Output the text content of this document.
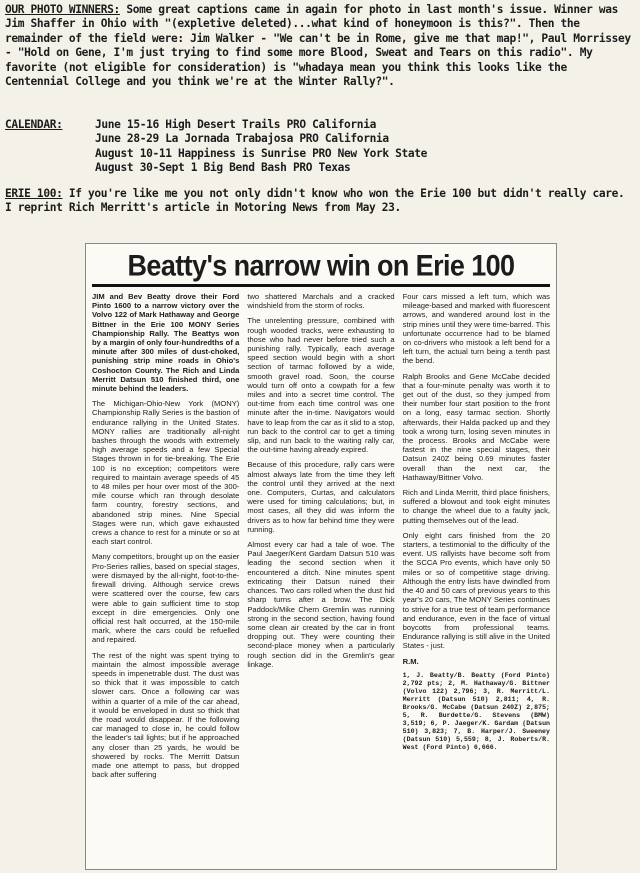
OUR PHOTO WINNERS: Some great captions came in again for photo in last month's issue. Winner was Jim Shaffer in Ohio with "(expletive deleted)...what kind of honeymoon is this?". Then the remainder of the field were: Jim Walker - "We can't be in Rome, give me that map!", Paul Morrissey - "Hold on Gene, I'm just trying to find some more Blood, Sweat and Tears on this radio". My favorite (not eligible for consideration) is "whadaya mean you think this looks like the Centennial College and you think we're at the Winter Rally?".

CALENDAR:	June 15-16 High Desert Trails PRO California
June 28-29 La Jornada Trabajosa PRO California
August 10-11 Happiness is Sunrise PRO New York State
August 30-Sept 1 Big Bend Bash PRO Texas

ERIE 100: If you're like me you not only didn't know who won the Erie 100 but didn't really care. I reprint Rich Merritt's article in Motoring News from May 23.

Beatty's narrow win on Erie 100

JIM and Bev Beatty drove their Ford Pinto 1600 to a narrow victory over the Volvo 122 of Mark Hathaway and George Bittner in the Erie 100 MONY Series Championship Rally. The Beattys won by a margin of only four-hundredths of a minute after 300 miles of dust-choked, punishing strip mine roads in Ohio's Coshocton County. The Rich and Linda Merritt Datsun 510 finished third, one minute behind the leaders.

The Michigan-Ohio-New York (MONY) Championship Rally Series is the bastion of endurance rallying in the United States. MONY rallies are traditionally all-night bashes through the woods with extremely high average speeds and a few Special Stages thrown in for tie-breaking. The Erie 100 is no exception; competitors were required to maintain average speeds of 45 to 48 miles per hour over most of the 300-mile course which ran through desolate farm country, forestry sections, and abandoned strip mines. Nine Special Stages were run, which gave exhausted crews a chance to rest for a minute or so at each start control.

Many competitors, brought up on the easier Pro-Series rallies, based on special stages, were dismayed by the all-night, foot-to-the-firewall driving. Although service crews were scattered over the course, few cars were able to gain sufficient time to stop except in dire emergencies. Only one official rest halt occurred, at the 150-mile mark, where the cars could be refuelled and repaired.

The rest of the night was spent trying to maintain the almost impossible average speeds in impenetrable dust. The dust was so thick that it was impossible to catch slower cars. Once a following car was within a quarter of a mile of the car ahead, it would be enveloped in dust so thick that the road would disappear. If the following car managed to close in, he could follow the leader's tail lights; but if he approached any closer than 25 yards, he would be showered by rocks. The Merritt Datsun made one attempt to pass, but dropped back after suffering

two shattered Marchals and a cracked windshield from the storm of rocks.

The unrelenting pressure, combined with rough wooded tracks, were exhausting to those who had never before tried such a punishing rally. Typically, each average speed section would begin with a short section of tarmac followed by a wide, smooth gravel road. Soon, the course would turn off onto a cowpath for a few miles and into a secret time control. The out-time from each time control was one minute after the in-time. Navigators would have to leap from the car as it slid to a stop, run back to the control car to get a timing slip, and run back to the waiting rally car, the out-time having already expired.

Because of this procedure, rally cars were almost always late from the time they left the control until they arrived at the next one. Computers, Curtas, and calculators were used for timing calculations; but, in most cases, all they did was inform the drivers as to how far behind time they were running.

Almost every car had a tale of woe. The Paul Jaeger/Kent Gardam Datsun 510 was leading the second section when it encountered a ditch. Nine minutes spent extricating their Datsun ruined their chances. Two cars rolled when the dust hid sharp turns after a brow. The Dick Paddock/Mike Chern Gremlin was running strong in the second section, having found some clean air created by the car in front dropping out. They were counting their second-place money when a particularly rough section did in the Gremlin's gear linkage.

Four cars missed a left turn, which was mileage-based and marked with fluorescent arrows, and wandered around lost in the strip mines until they were time-barred. This unfortunate occurrence had to be blamed on co-drivers who mistook a left bend for a left turn, the actual turn being a tenth past the bend.

Ralph Brooks and Gene McCabe decided that a four-minute penalty was worth it to get out of the dust, so they jumped from their number four start position to the front on a long, easy tarmac section. Shortly afterwards, their Halda packed up and they took a wrong turn, losing seven minutes in the process. Brooks and McCabe were fastest in the nine special stages, their Datsun 240Z being 0.69 minutes faster overall than the next car, the Hathaway/Bittner Volvo.

Rich and Linda Merritt, third place finishers, suffered a blowout and took eight minutes to change the wheel due to a faulty jack, putting themselves out of the lead.

Only eight cars finished from the 20 starters, a testimonial to the difficulty of the event. US rallyists have become soft from the SCCA Pro events, which have only 50 miles or so of competitive stage driving. Although the entry lists have dwindled from the 40 and 50 cars of previous years to this year's 20 cars, The MONY Series continues to strive for a true test of team performance and endurance, even in the face of virtual boycotts from professional teams. Endurance rallying is still alive in the United States - just.

R.M.

1, J. Beatty/B. Beatty (Ford Pinto) 2,792 pts; 2, M. Hathaway/G. Bittner (Volvo 122) 2,796; 3, R. Merritt/L. Merritt (Datsun 510) 2,811; 4, R. Brooks/G. McCabe (Datsun 240Z) 2,875; 5, R. Burdette/G. Stevens (BMW) 3,519; 6, P. Jaeger/K. Gardam (Datsun 510) 3,823; 7, B. Harper/J. Sweeney (Datsun 510) 5,559; 8, J. Roberts/R. West (Ford Pinto) 6,666.
